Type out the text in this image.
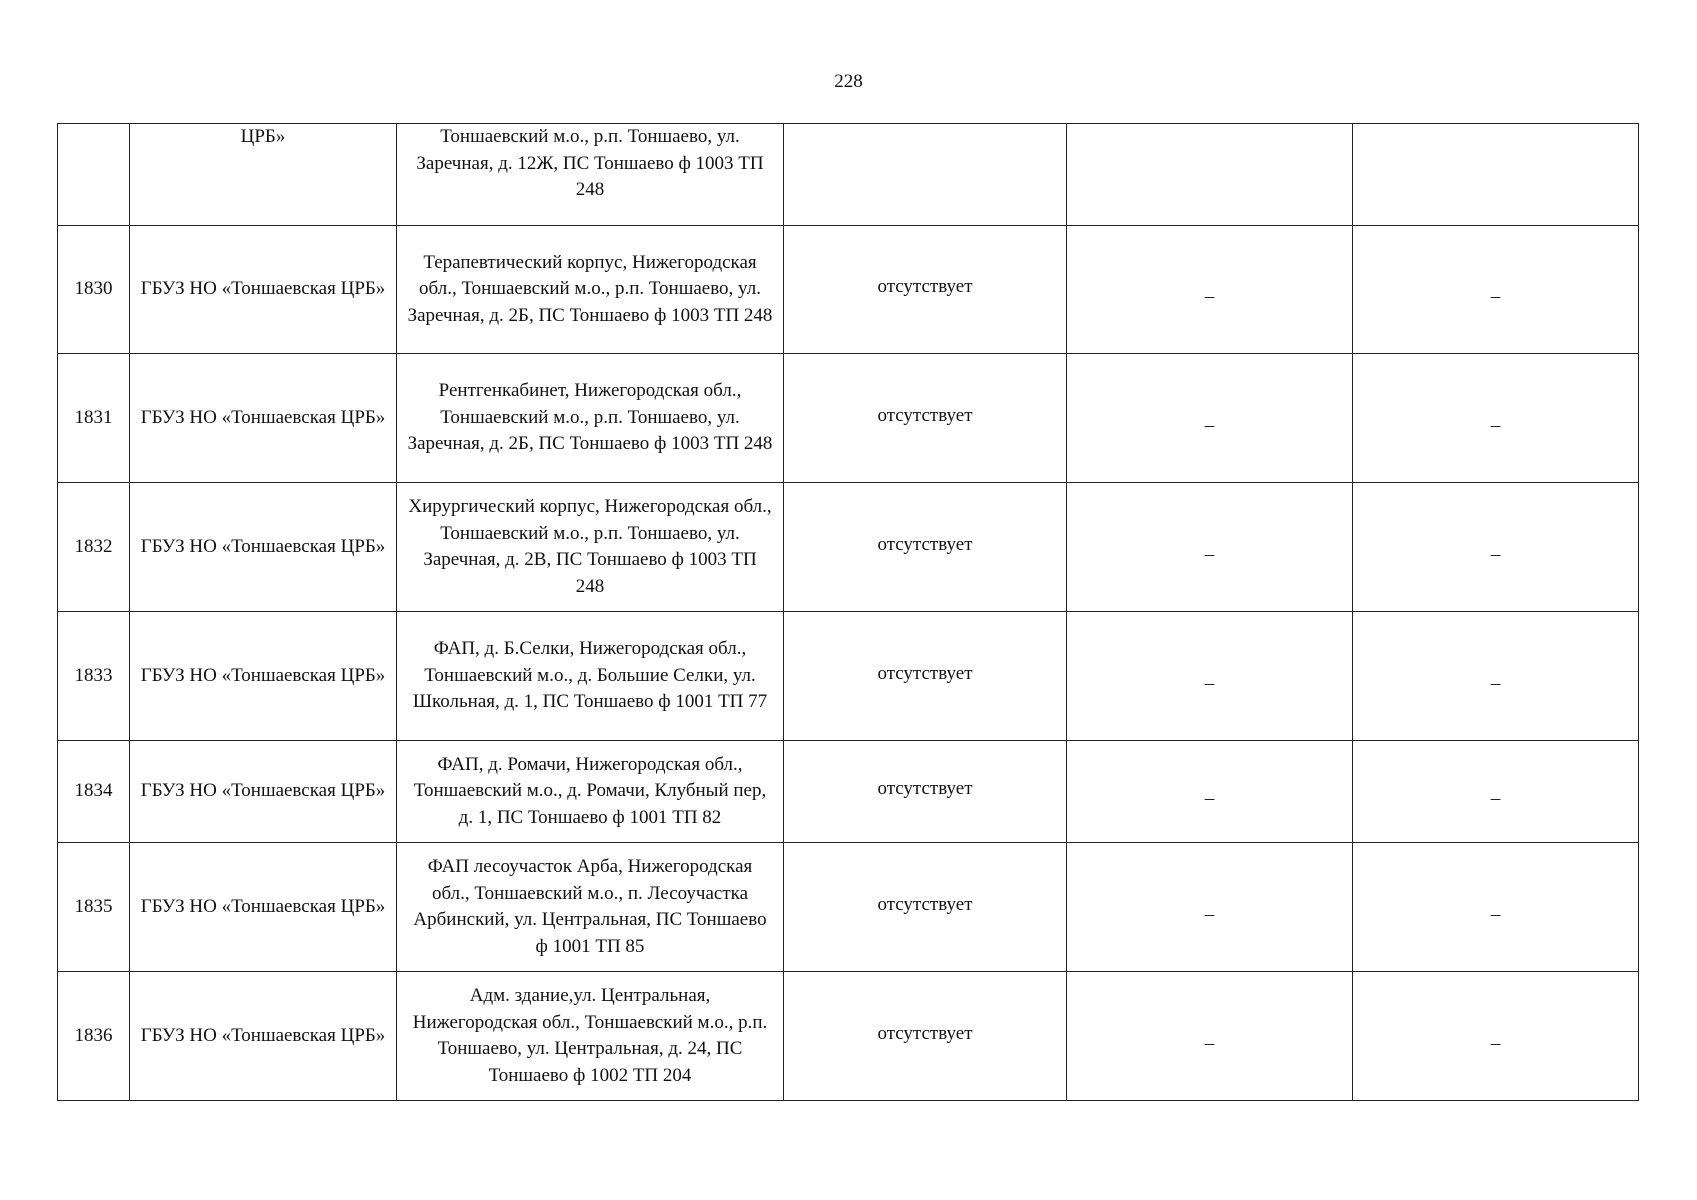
228
	ЦРБ»	Тоншаевский м.о., р.п. Тоншаево, ул. Заречная, д. 12Ж, ПС Тоншаево ф 1003 ТП 248			
1830	ГБУЗ НО «Тоншаевская ЦРБ»	Терапевтический корпус, Нижегородская обл., Тоншаевский м.о., р.п. Тоншаево, ул. Заречная, д. 2Б, ПС Тоншаево ф 1003 ТП 248	отсутствует	–	–
1831	ГБУЗ НО «Тоншаевская ЦРБ»	Рентгенкабинет, Нижегородская обл., Тоншаевский м.о., р.п. Тоншаево, ул. Заречная, д. 2Б, ПС Тоншаево ф 1003 ТП 248	отсутствует	–	–
1832	ГБУЗ НО «Тоншаевская ЦРБ»	Хирургический корпус, Нижегородская обл., Тоншаевский м.о., р.п. Тоншаево, ул. Заречная, д. 2В, ПС Тоншаево ф 1003 ТП 248	отсутствует	–	–
1833	ГБУЗ НО «Тоншаевская ЦРБ»	ФАП, д. Б.Селки, Нижегородская обл., Тоншаевский м.о., д. Большие Селки, ул. Школьная, д. 1, ПС Тоншаево ф 1001 ТП 77	отсутствует	–	–
1834	ГБУЗ НО «Тоншаевская ЦРБ»	ФАП, д. Ромачи, Нижегородская обл., Тоншаевский м.о., д. Ромачи, Клубный пер, д. 1, ПС Тоншаево ф 1001 ТП 82	отсутствует	–	–
1835	ГБУЗ НО «Тоншаевская ЦРБ»	ФАП лесоучасток Арба, Нижегородская обл., Тоншаевский м.о., п. Лесоучастка Арбинский, ул. Центральная, ПС Тоншаево ф 1001 ТП 85	отсутствует	–	–
1836	ГБУЗ НО «Тоншаевская ЦРБ»	Адм. здание,ул. Центральная, Нижегородская обл., Тоншаевский м.о., р.п. Тоншаево, ул. Центральная, д. 24, ПС Тоншаево ф 1002 ТП 204	отсутствует	–	–
